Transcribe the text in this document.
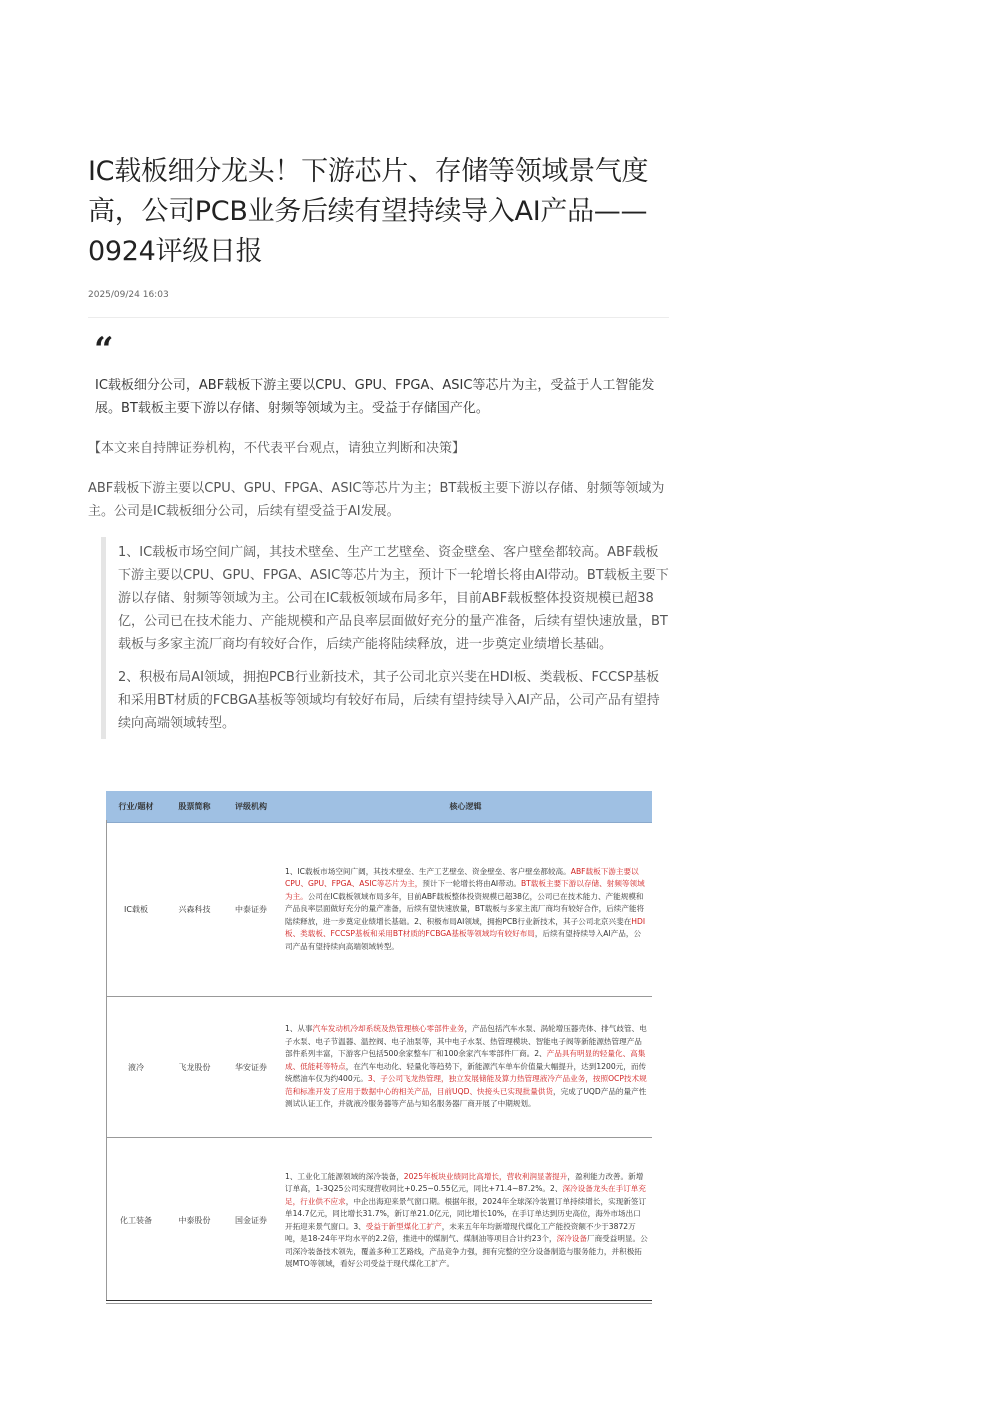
IC载板细分龙头！下游芯片、存储等领域景气度高，公司PCB业务后续有望持续导入AI产品——0924评级日报
2025/09/24 16:03
“

IC载板细分公司，ABF载板下游主要以CPU、GPU、FPGA、ASIC等芯片为主，受益于人工智能发展。BT载板主要下游以存储、射频等领域为主。受益于存储国产化。

【本文来自持牌证券机构，不代表平台观点，请独立判断和决策】

ABF载板下游主要以CPU、GPU、FPGA、ASIC等芯片为主；BT载板主要下游以存储、射频等领域为主。公司是IC载板细分公司，后续有望受益于AI发展。

1、IC载板市场空间广阔，其技术壁垒、生产工艺壁垒、资金壁垒、客户壁垒都较高。ABF载板下游主要以CPU、GPU、FPGA、ASIC等芯片为主，预计下一轮增长将由AI带动。BT载板主要下游以存储、射频等领域为主。公司在IC载板领域布局多年，目前ABF载板整体投资规模已超38亿，公司已在技术能力、产能规模和产品良率层面做好充分的量产准备，后续有望快速放量，BT载板与多家主流厂商均有较好合作，后续产能将陆续释放，进一步奠定业绩增长基础。

2、积极布局AI领域，拥抱PCB行业新技术，其子公司北京兴斐在HDI板、类载板、FCCSP基板和采用BT材质的FCBGA基板等领域均有较好布局，后续有望持续导入AI产品，公司产品有望持续向高端领域转型。

行业/题材	股票简称	评级机构	核心逻辑
IC载板	兴森科技	中泰证券	1、IC载板市场空间广阔，其技术壁垒、生产工艺壁垒、资金壁垒、客户壁垒都较高。ABF载板下游主要以CPU、GPU、FPGA、ASIC等芯片为主，预计下一轮增长将由AI带动。BT载板主要下游以存储、射频等领域为主。公司在IC载板领域布局多年，目前ABF载板整体投资规模已超38亿，公司已在技术能力、产能规模和产品良率层面做好充分的量产准备，后续有望快速放量，BT载板与多家主流厂商均有较好合作，后续产能将陆续释放，进一步奠定业绩增长基础。2、积极布局AI领域，拥抱PCB行业新技术，其子公司北京兴斐在HDI板、类载板、FCCSP基板和采用BT材质的FCBGA基板等领域均有较好布局，后续有望持续导入AI产品，公司产品有望持续向高端领域转型。
液冷	飞龙股份	华安证券	1、从事汽车发动机冷却系统及热管理核心零部件业务，产品包括汽车水泵、涡轮增压器壳体、排气歧管、电子水泵、电子节温器、温控阀、电子油泵等，其中电子水泵、热管理模块、智能电子阀等新能源热管理产品部件系列丰富，下游客户包括500余家整车厂和100余家汽车零部件厂商。2、产品具有明显的轻量化、高集成、低能耗等特点，在汽车电动化、轻量化等趋势下，新能源汽车单车价值量大幅提升，达到1200元，而传统燃油车仅为约400元。3、子公司飞龙热管理，独立发展储能及算力热管理液冷产品业务，按照OCP技术规范和标准开发了应用于数据中心的相关产品，目前UQD、快接头已实现批量供货，完成了UQD产品的量产性测试认证工作，并就液冷服务器等产品与知名服务器厂商开展了中期规划。
化工装备	中泰股份	国金证券	1、工业化工能源领域的深冷装备，2025年板块业绩同比高增长，营收利润显著提升，盈利能力改善。新增订单高，1-3Q25公司实现营收同比+0.25~0.55亿元，同比+71.4~87.2%。2、深冷设备龙头在手订单充足，行业供不应求，中企出海迎来景气窗口期。根据年报，2024年全球深冷装置订单持续增长，实现新签订单14.7亿元，同比增长31.7%，新订单21.0亿元，同比增长10%，在手订单达到历史高位，海外市场出口开拓迎来景气窗口。3、受益于新型煤化工扩产，未来五年年均新增现代煤化工产能投资额不少于3872万吨，是18-24年平均水平的2.2倍，推进中的煤制气、煤制油等项目合计约23个，深冷设备厂商受益明显。公司深冷装备技术领先，覆盖多种工艺路线，产品竞争力强，拥有完整的空分设备制造与服务能力，并积极拓展MTO等领域，看好公司受益于现代煤化工扩产。
